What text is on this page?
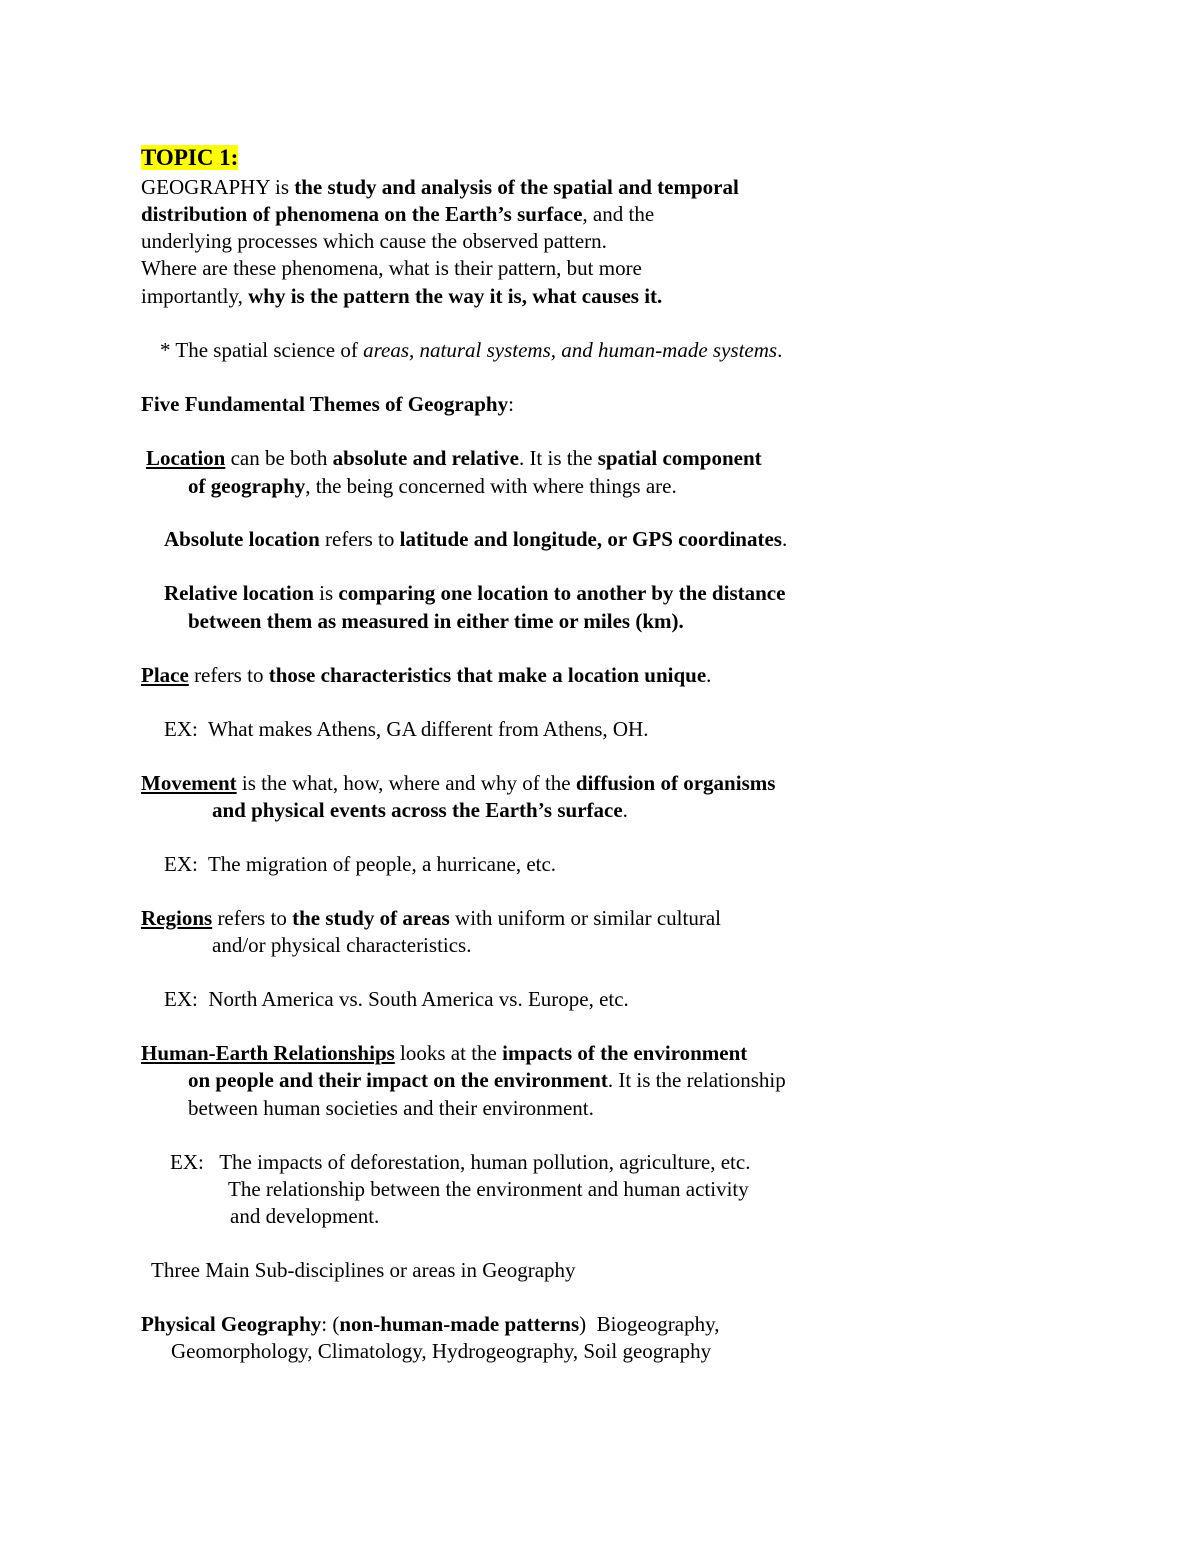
TOPIC 1:
GEOGRAPHY is the study and analysis of the spatial and temporal
distribution of phenomena on the Earth’s surface, and the
underlying processes which cause the observed pattern.
Where are these phenomena, what is their pattern, but more
importantly, why is the pattern the way it is, what causes it.
* The spatial science of areas, natural systems, and human-made systems.
Five Fundamental Themes of Geography:
Location can be both absolute and relative. It is the spatial component
of geography, the being concerned with where things are.
Absolute location refers to latitude and longitude, or GPS coordinates.
Relative location is comparing one location to another by the distance
between them as measured in either time or miles (km).
Place refers to those characteristics that make a location unique.
EX:  What makes Athens, GA different from Athens, OH.
Movement is the what, how, where and why of the diffusion of organisms
and physical events across the Earth’s surface.
EX:  The migration of people, a hurricane, etc.
Regions refers to the study of areas with uniform or similar cultural
and/or physical characteristics.
EX:  North America vs. South America vs. Europe, etc.
Human-Earth Relationships looks at the impacts of the environment
on people and their impact on the environment. It is the relationship
between human societies and their environment.
EX:   The impacts of deforestation, human pollution, agriculture, etc.
The relationship between the environment and human activity
and development.
Three Main Sub-disciplines or areas in Geography
Physical Geography: (non-human-made patterns)  Biogeography,
Geomorphology, Climatology, Hydrogeography, Soil geography
